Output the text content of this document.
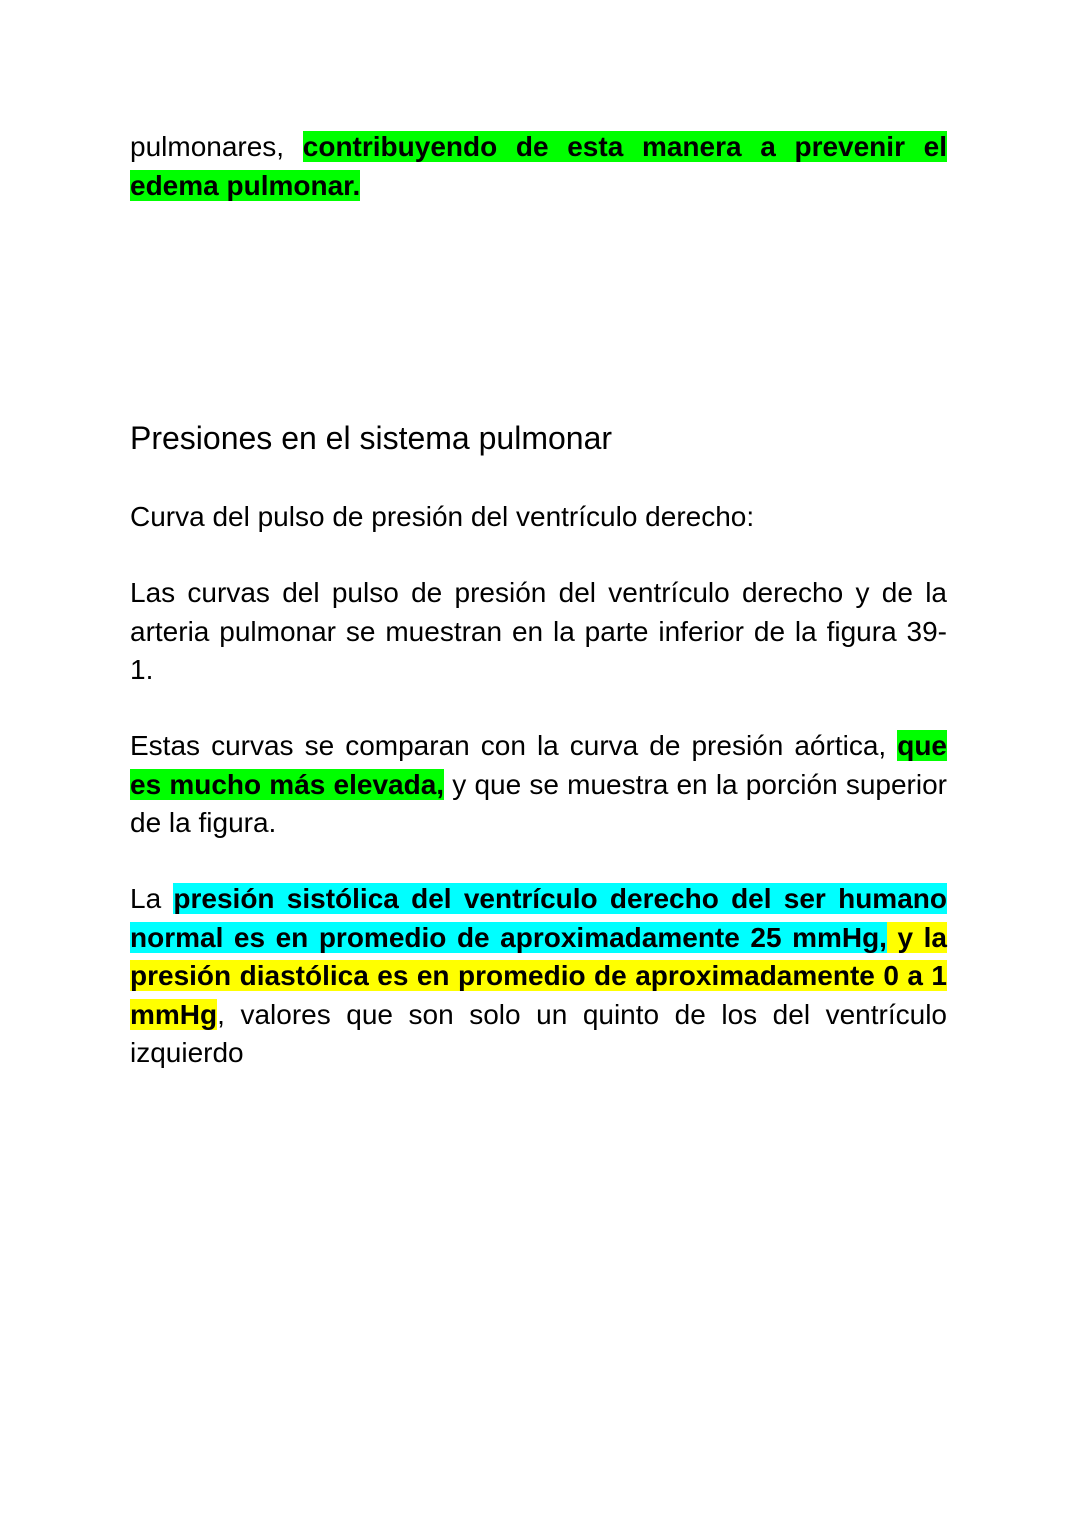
pulmonares, contribuyendo de esta manera a prevenir el edema pulmonar.

Presiones en el sistema pulmonar

Curva del pulso de presión del ventrículo derecho:

Las curvas del pulso de presión del ventrículo derecho y de la arteria pulmonar se muestran en la parte inferior de la figura 39-1.

Estas curvas se comparan con la curva de presión aórtica, que es mucho más elevada, y que se muestra en la porción superior de la figura.

La presión sistólica del ventrículo derecho del ser humano normal es en promedio de aproximadamente 25 mmHg, y la presión diastólica es en promedio de aproximadamente 0 a 1 mmHg, valores que son solo un quinto de los del ventrículo izquierdo
